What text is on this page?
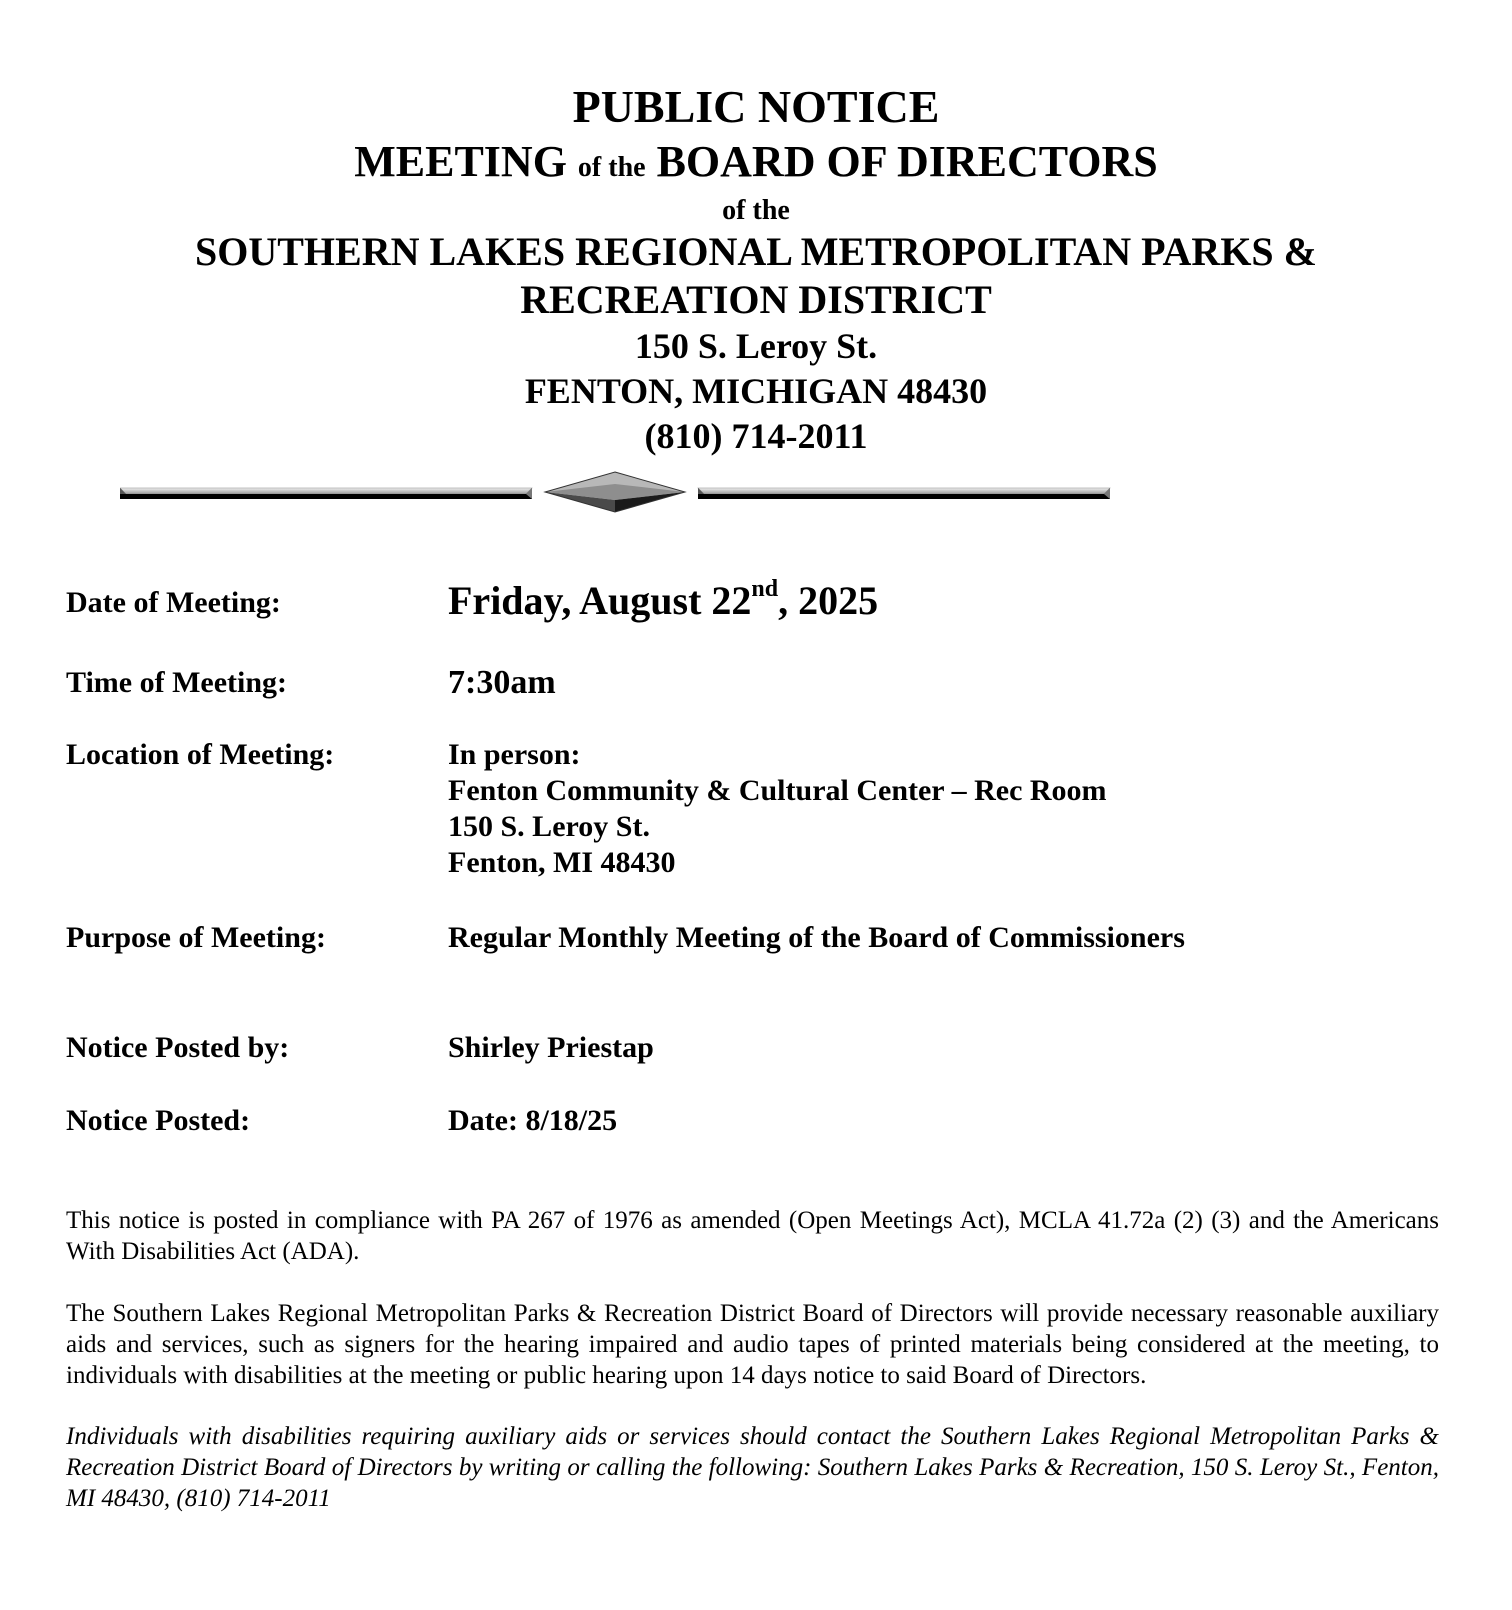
PUBLIC NOTICE
MEETING of the BOARD OF DIRECTORS
of the
SOUTHERN LAKES REGIONAL METROPOLITAN PARKS &
RECREATION DISTRICT
150 S. Leroy St.
FENTON, MICHIGAN 48430
(810) 714-2011
Date of Meeting:	Friday, August 22nd, 2025
Time of Meeting:	7:30am
Location of Meeting:	In person:
Fenton Community & Cultural Center – Rec Room
150 S. Leroy St.
Fenton, MI 48430
Purpose of Meeting:	Regular Monthly Meeting of the Board of Commissioners
Notice Posted by:	Shirley Priestap
Notice Posted:	Date: 8/18/25

This notice is posted in compliance with PA 267 of 1976 as amended (Open Meetings Act), MCLA 41.72a (2) (3) and the Americans With Disabilities Act (ADA).

The Southern Lakes Regional Metropolitan Parks & Recreation District Board of Directors will provide necessary reasonable auxiliary aids and services, such as signers for the hearing impaired and audio tapes of printed materials being considered at the meeting, to individuals with disabilities at the meeting or public hearing upon 14 days notice to said Board of Directors.

Individuals with disabilities requiring auxiliary aids or services should contact the Southern Lakes Regional Metropolitan Parks & Recreation District Board of Directors by writing or calling the following: Southern Lakes Parks & Recreation, 150 S. Leroy St., Fenton, MI 48430, (810) 714-2011
